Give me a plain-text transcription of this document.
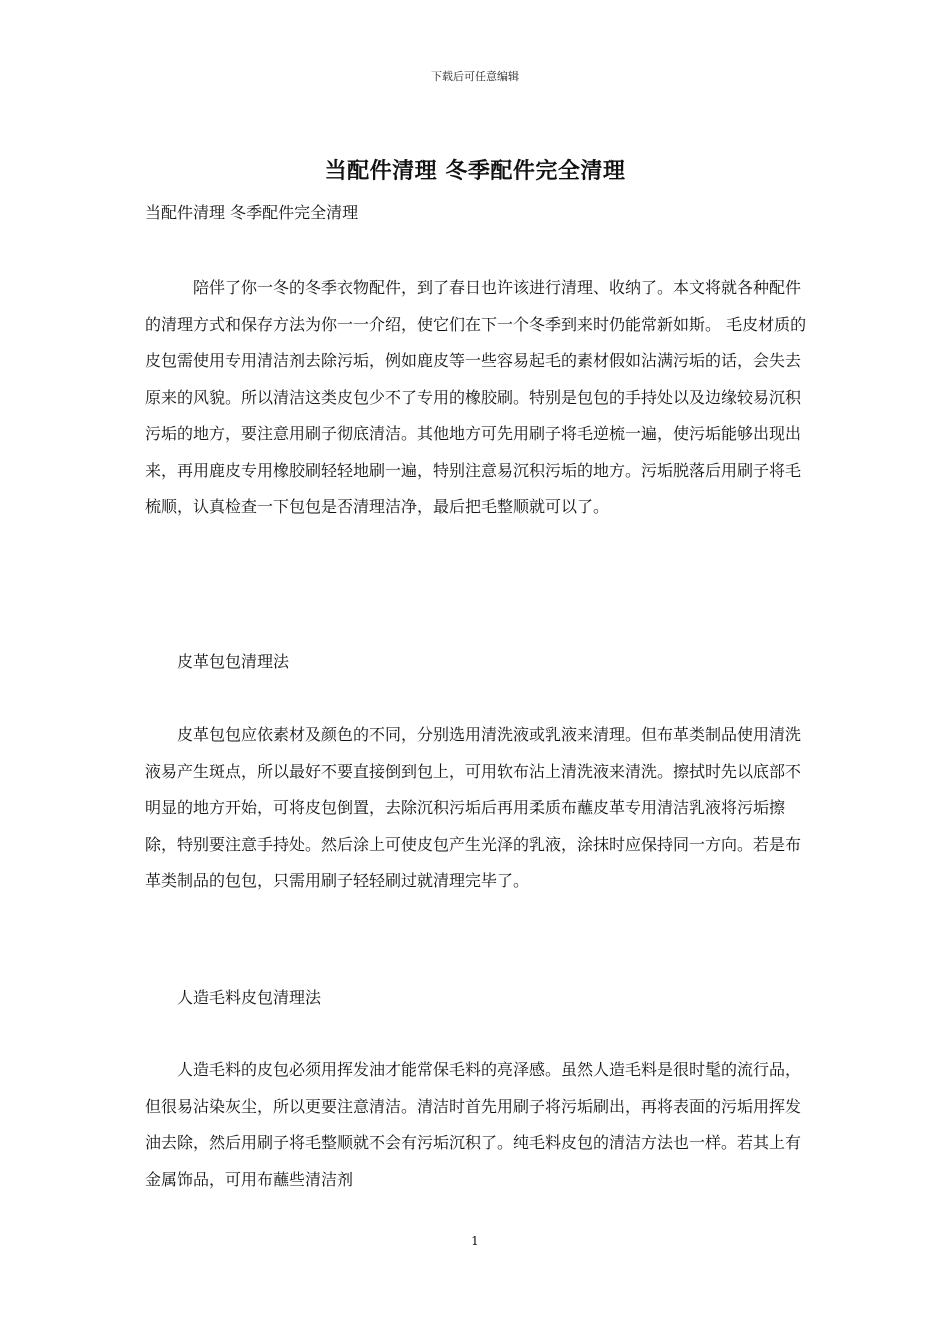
下载后可任意编辑
当配件清理 冬季配件完全清理

当配件清理 冬季配件完全清理

陪伴了你一冬的冬季衣物配件，到了春日也许该进行清理、收纳了。本文将就各种配件的清理方式和保存方法为你一一介绍，使它们在下一个冬季到来时仍能常新如斯。 毛皮材质的皮包需使用专用清洁剂去除污垢，例如鹿皮等一些容易起毛的素材假如沾满污垢的话，会失去原来的风貌。所以清洁这类皮包少不了专用的橡胶刷。特别是包包的手持处以及边缘较易沉积污垢的地方，要注意用刷子彻底清洁。其他地方可先用刷子将毛逆梳一遍，使污垢能够出现出来，再用鹿皮专用橡胶刷轻轻地刷一遍，特别注意易沉积污垢的地方。污垢脱落后用刷子将毛梳顺，认真检查一下包包是否清理洁净，最后把毛整顺就可以了。

皮革包包清理法

皮革包包应依素材及颜色的不同，分别选用清洗液或乳液来清理。但布革类制品使用清洗液易产生斑点，所以最好不要直接倒到包上，可用软布沾上清洗液来清洗。擦拭时先以底部不明显的地方开始，可将皮包倒置，去除沉积污垢后再用柔质布蘸皮革专用清洁乳液将污垢擦除，特别要注意手持处。然后涂上可使皮包产生光泽的乳液，涂抹时应保持同一方向。若是布革类制品的包包，只需用刷子轻轻刷过就清理完毕了。

人造毛料皮包清理法

人造毛料的皮包必须用挥发油才能常保毛料的亮泽感。虽然人造毛料是很时髦的流行品，但很易沾染灰尘，所以更要注意清洁。清洁时首先用刷子将污垢刷出，再将表面的污垢用挥发油去除，然后用刷子将毛整顺就不会有污垢沉积了。纯毛料皮包的清洁方法也一样。若其上有金属饰品，可用布蘸些清洁剂

1
